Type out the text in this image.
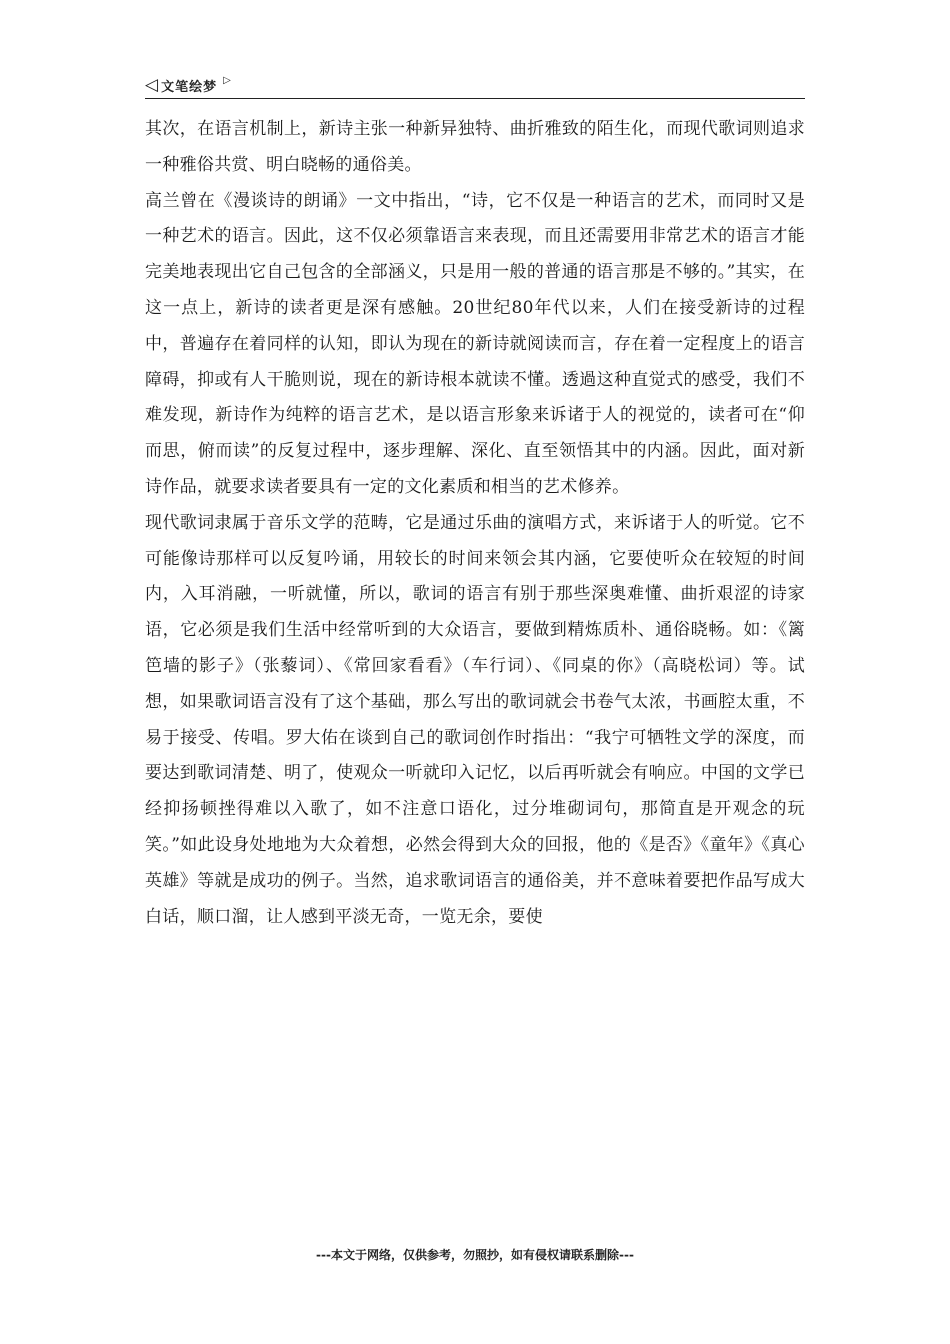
◁ 文笔绘梦 ▷

其次，在语言机制上，新诗主张一种新异独特、曲折雅致的陌生化，而现代歌词则追求一种雅俗共赏、明白晓畅的通俗美。

高兰曾在《漫谈诗的朗诵》一文中指出，“诗，它不仅是一种语言的艺术，而同时又是一种艺术的语言。因此，这不仅必须靠语言来表现，而且还需要用非常艺术的语言才能完美地表现出它自己包含的全部涵义，只是用一般的普通的语言那是不够的。”其实，在这一点上，新诗的读者更是深有感触。20世纪80年代以来，人们在接受新诗的过程中，普遍存在着同样的认知，即认为现在的新诗就阅读而言，存在着一定程度上的语言障碍，抑或有人干脆则说，现在的新诗根本就读不懂。透過这种直觉式的感受，我们不难发现，新诗作为纯粹的语言艺术，是以语言形象来诉诸于人的视觉的，读者可在“仰而思，俯而读”的反复过程中，逐步理解、深化、直至领悟其中的内涵。因此，面对新诗作品，就要求读者要具有一定的文化素质和相当的艺术修养。

现代歌词隶属于音乐文学的范畴，它是通过乐曲的演唱方式，来诉诸于人的听觉。它不可能像诗那样可以反复吟诵，用较长的时间来领会其内涵，它要使听众在较短的时间内，入耳消融，一听就懂，所以，歌词的语言有别于那些深奥难懂、曲折艰涩的诗家语，它必须是我们生活中经常听到的大众语言，要做到精炼质朴、通俗晓畅。如：《篱笆墙的影子》（张藜词）、《常回家看看》（车行词）、《同桌的你》（高晓松词）等。试想，如果歌词语言没有了这个基础，那么写出的歌词就会书卷气太浓，书画腔太重，不易于接受、传唱。罗大佑在谈到自己的歌词创作时指出：“我宁可牺牲文学的深度，而要达到歌词清楚、明了，使观众一听就印入记忆，以后再听就会有响应。中国的文学已经抑扬顿挫得难以入歌了，如不注意口语化，过分堆砌词句，那简直是开观念的玩笑。”如此设身处地地为大众着想，必然会得到大众的回报，他的《是否》《童年》《真心英雄》等就是成功的例子。当然，追求歌词语言的通俗美，并不意味着要把作品写成大白话，顺口溜，让人感到平淡无奇，一览无余，要使

---本文于网络，仅供参考，勿照抄，如有侵权请联系删除---
